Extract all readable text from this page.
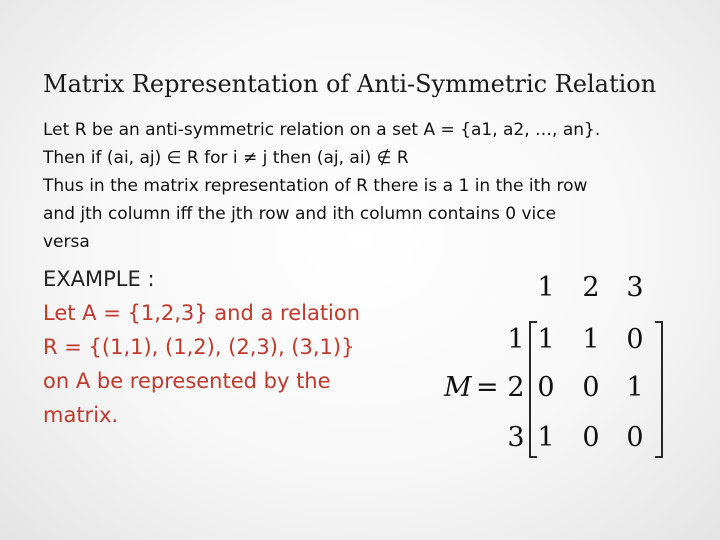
Matrix Representation of Anti-Symmetric Relation
Let R be an anti-symmetric relation on a set A = {a1, a2, …, an}.
Then if (ai, aj) ∈ R for i ≠ j then (aj, ai) ∉ R
Thus in the matrix representation of R there is a 1 in the ith row
and jth column iff the jth row and ith column contains 0 vice
versa
EXAMPLE :
Let A = {1,2,3} and a relation
R = {(1,1), (1,2), (2,3), (3,1)}
on A be represented by the
matrix.
M =
1 2 3
1
2
3
1 1 0
0 0 1
1 0 0
